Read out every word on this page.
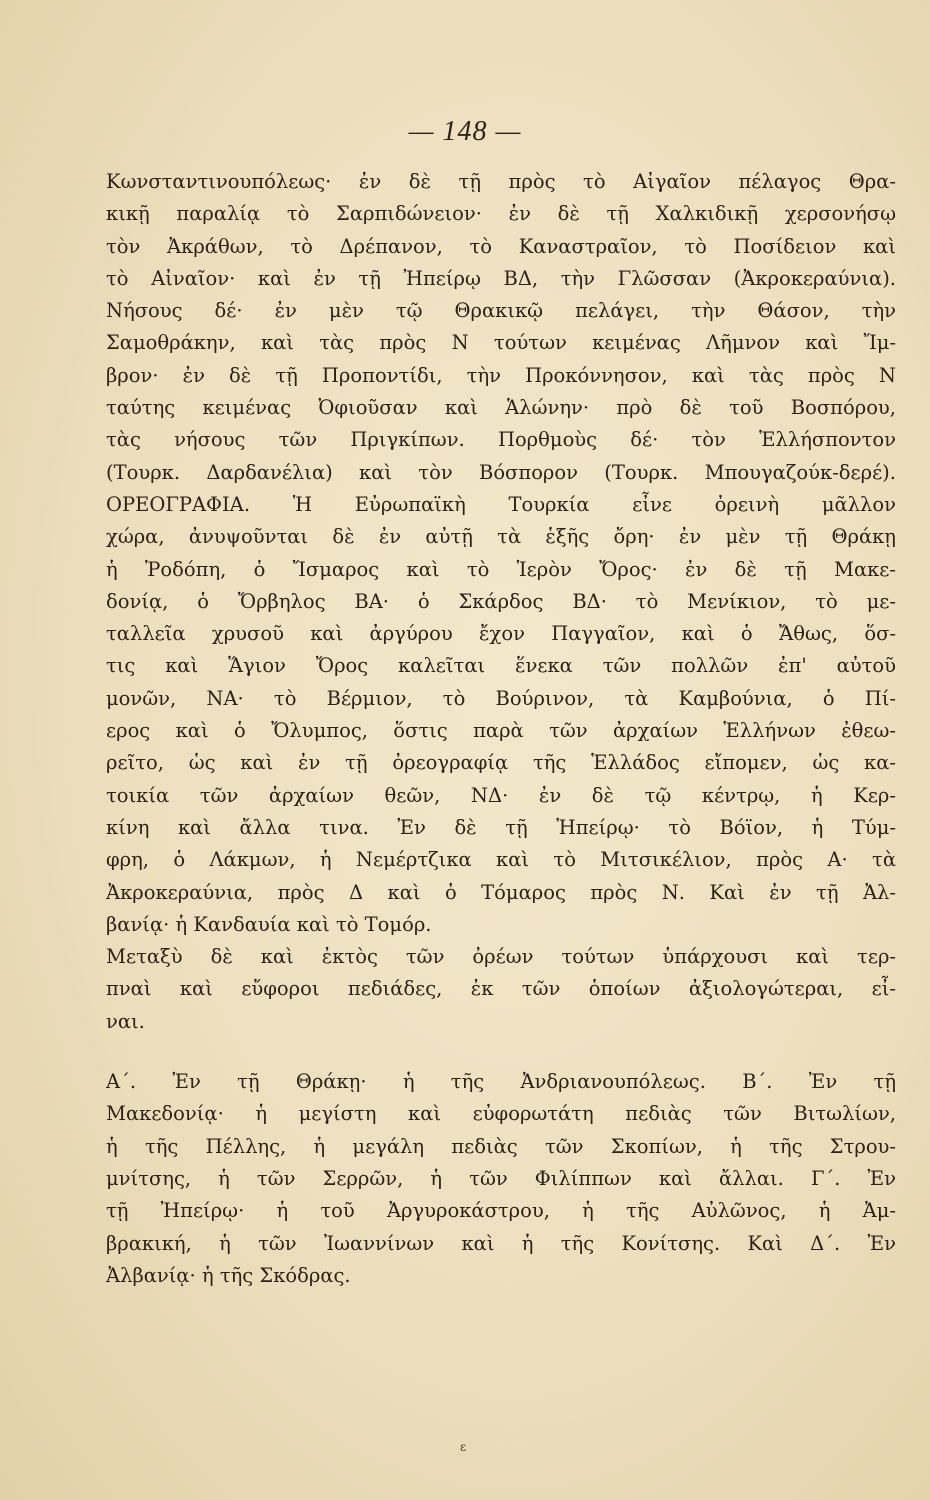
— 148 —
Κωνσταντινουπόλεως· ἐν δὲ τῇ πρὸς τὸ Αἰγαῖον πέλαγος Θρα-
κικῇ παραλίᾳ τὸ Σαρπιδώνειον· ἐν δὲ τῇ Χαλκιδικῇ χερσονήσῳ
τὸν Ἀκράθων, τὸ Δρέπανον, τὸ Καναστραῖον, τὸ Ποσίδειον καὶ
τὸ Αἰναῖον· καὶ ἐν τῇ Ἠπείρῳ ΒΔ, τὴν Γλῶσσαν (Ἀκροκεραύνια).
Νήσους δέ· ἐν μὲν τῷ Θρακικῷ πελάγει, τὴν Θάσον, τὴν
Σαμοθράκην, καὶ τὰς πρὸς Ν τούτων κειμένας Λῆμνον καὶ Ἴμ-
βρον· ἐν δὲ τῇ Προποντίδι, τὴν Προκόννησον, καὶ τὰς πρὸς Ν
ταύτης κειμένας Ὀφιοῦσαν καὶ Ἁλώνην· πρὸ δὲ τοῦ Βοσπόρου,
τὰς νήσους τῶν Πριγκίπων. Πορθμοὺς δέ· τὸν Ἑλλήσποντον
(Τουρκ. Δαρδανέλια) καὶ τὸν Βόσπορον (Τουρκ. Μπουγαζούκ-δερέ).
ΟΡΕΟΓΡΑΦΙΑ. Ἡ Εὐρωπαϊκὴ Τουρκία εἶνε ὀρεινὴ μᾶλλον
χώρα, ἀνυψοῦνται δὲ ἐν αὐτῇ τὰ ἑξῆς ὄρη· ἐν μὲν τῇ Θράκῃ
ἡ Ῥοδόπη, ὁ Ἴσμαρος καὶ τὸ Ἱερὸν Ὄρος· ἐν δὲ τῇ Μακε-
δονίᾳ, ὁ Ὄρβηλος ΒΑ· ὁ Σκάρδος ΒΔ· τὸ Μενίκιον, τὸ με-
ταλλεῖα χρυσοῦ καὶ ἀργύρου ἔχον Παγγαῖον, καὶ ὁ Ἄθως, ὅσ-
τις καὶ Ἅγιον Ὄρος καλεῖται ἕνεκα τῶν πολλῶν ἐπ' αὐτοῦ
μονῶν, ΝΑ· τὸ Βέρμιον, τὸ Βούρινον, τὰ Καμβούνια, ὁ Πί-
ερος καὶ ὁ Ὄλυμπος, ὅστις παρὰ τῶν ἀρχαίων Ἑλλήνων ἐθεω-
ρεῖτο, ὡς καὶ ἐν τῇ ὀρεογραφίᾳ τῆς Ἑλλάδος εἴπομεν, ὡς κα-
τοικία τῶν ἀρχαίων θεῶν, ΝΔ· ἐν δὲ τῷ κέντρῳ, ἡ Κερ-
κίνη καὶ ἄλλα τινα. Ἐν δὲ τῇ Ἠπείρῳ· τὸ Βόϊον, ἡ Τύμ-
φρη, ὁ Λάκμων, ἡ Νεμέρτζικα καὶ τὸ Μιτσικέλιον, πρὸς Α· τὰ
Ἀκροκεραύνια, πρὸς Δ καὶ ὁ Τόμαρος πρὸς Ν. Καὶ ἐν τῇ Ἀλ-
βανίᾳ· ἡ Κανδαυία καὶ τὸ Τομόρ.
Μεταξὺ δὲ καὶ ἐκτὸς τῶν ὀρέων τούτων ὑπάρχουσι καὶ τερ-
πναὶ καὶ εὔφοροι πεδιάδες, ἐκ τῶν ὁποίων ἀξιολογώτεραι, εἶ-
ναι.
Α΄. Ἐν τῇ Θράκῃ· ἡ τῆς Ἀνδριανουπόλεως. Β΄. Ἐν τῇ
Μακεδονίᾳ· ἡ μεγίστη καὶ εὐφορωτάτη πεδιὰς τῶν Βιτωλίων,
ἡ τῆς Πέλλης, ἡ μεγάλη πεδιὰς τῶν Σκοπίων, ἡ τῆς Στρου-
μνίτσης, ἡ τῶν Σερρῶν, ἡ τῶν Φιλίππων καὶ ἄλλαι. Γ΄. Ἐν
τῇ Ἠπείρῳ· ἡ τοῦ Ἀργυροκάστρου, ἡ τῆς Αὐλῶνος, ἡ Ἀμ-
βρακική, ἡ τῶν Ἰωαννίνων καὶ ἡ τῆς Κονίτσης. Καὶ Δ΄. Ἐν
Ἀλβανίᾳ· ἡ τῆς Σκόδρας.
ε
